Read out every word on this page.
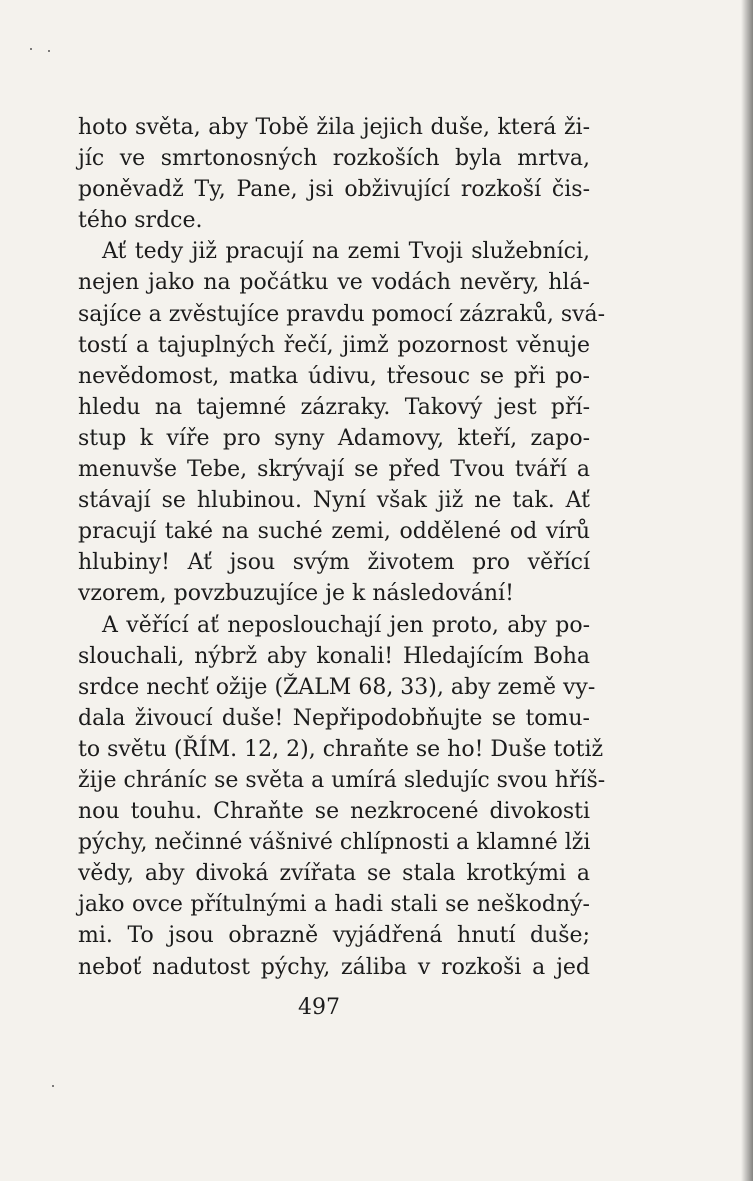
hoto světa, aby Tobě žila jejich duše, která ži-
jíc ve smrtonosných rozkoších byla mrtva,
poněvadž Ty, Pane, jsi obživující rozkoší čis-
tého srdce.
Ať tedy již pracují na zemi Tvoji služebníci,
nejen jako na počátku ve vodách nevěry, hlá-
sajíce a zvěstujíce pravdu pomocí zázraků, svá-
tostí a tajuplných řečí, jimž pozornost věnuje
nevědomost, matka údivu, třesouc se při po-
hledu na tajemné zázraky. Takový jest pří-
stup k víře pro syny Adamovy, kteří, zapo-
menuvše Tebe, skrývají se před Tvou tváří a
stávají se hlubinou. Nyní však již ne tak. Ať
pracují také na suché zemi, oddělené od vírů
hlubiny! Ať jsou svým životem pro věřící
vzorem, povzbuzujíce je k následování!
A věřící ať neposlouchají jen proto, aby po-
slouchali, nýbrž aby konali! Hledajícím Boha
srdce nechť ožije (ŽALM 68, 33), aby země vy-
dala živoucí duše! Nepřipodobňujte se tomu-
to světu (ŘÍM. 12, 2), chraňte se ho! Duše totiž
žije chráníc se světa a umírá sledujíc svou hříš-
nou touhu. Chraňte se nezkrocené divokosti
pýchy, nečinné vášnivé chlípnosti a klamné lži
vědy, aby divoká zvířata se stala krotkými a
jako ovce přítulnými a hadi stali se neškodný-
mi. To jsou obrazně vyjádřená hnutí duše;
neboť nadutost pýchy, záliba v rozkoši a jed
497
